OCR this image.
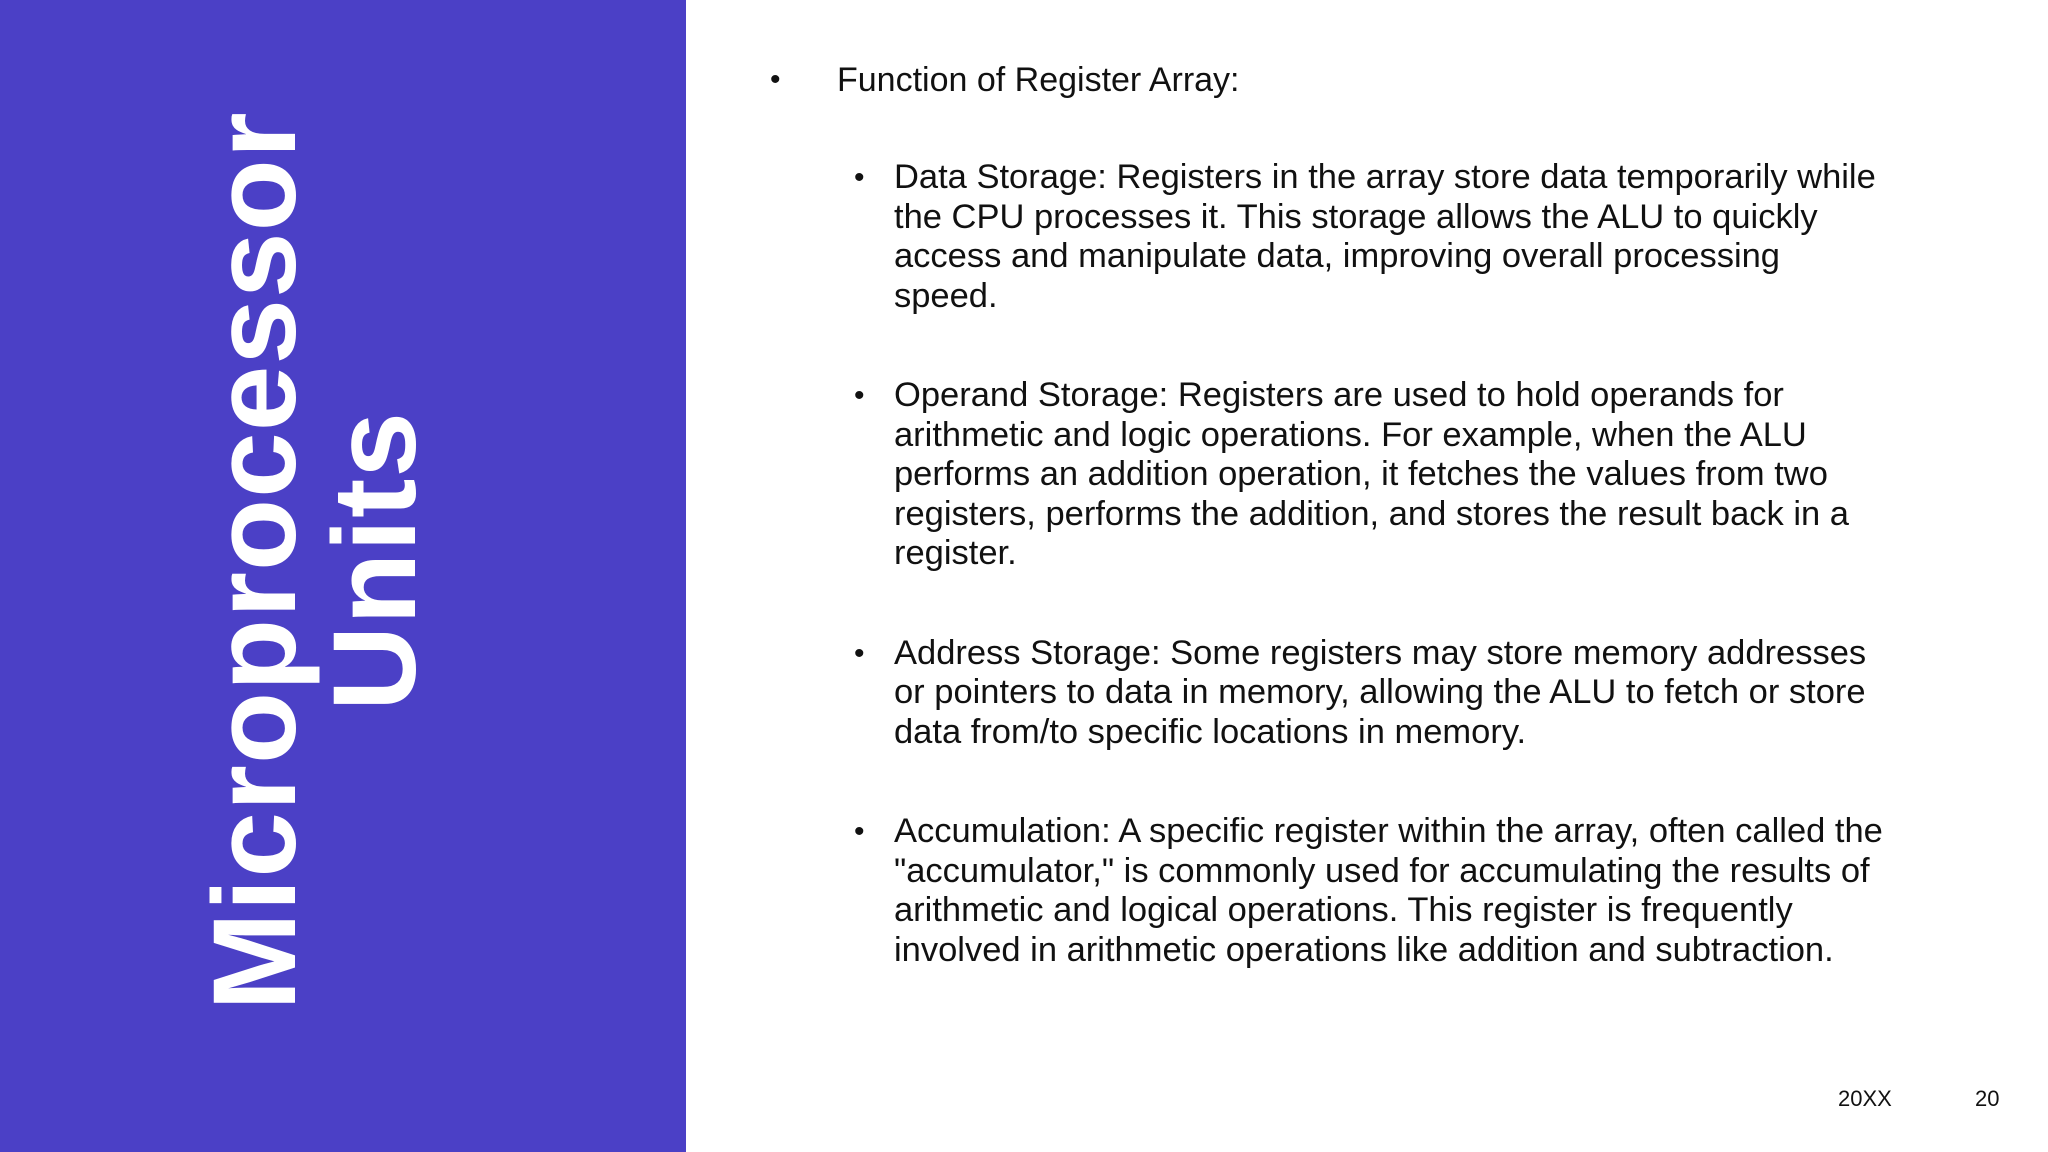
Microprocessor
Units
• Function of Register Array:
• Data Storage: Registers in the array store data temporarily while the CPU processes it. This storage allows the ALU to quickly access and manipulate data, improving overall processing speed.
• Operand Storage: Registers are used to hold operands for arithmetic and logic operations. For example, when the ALU performs an addition operation, it fetches the values from two registers, performs the addition, and stores the result back in a register.
• Address Storage: Some registers may store memory addresses or pointers to data in memory, allowing the ALU to fetch or store data from/to specific locations in memory.
• Accumulation: A specific register within the array, often called the "accumulator," is commonly used for accumulating the results of arithmetic and logical operations. This register is frequently involved in arithmetic operations like addition and subtraction.
20XX	20
